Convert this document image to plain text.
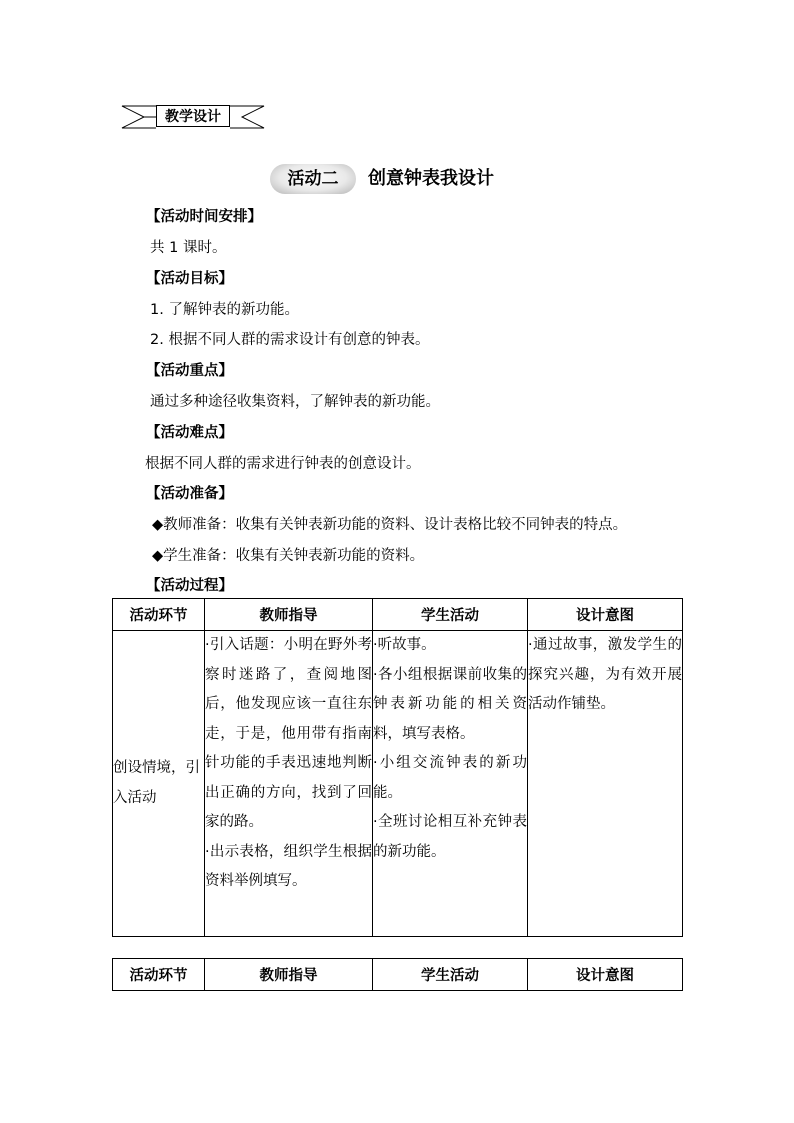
教学设计
活动二	创意钟表我设计
【活动时间安排】
共 1 课时。
【活动目标】
1. 了解钟表的新功能。
2. 根据不同人群的需求设计有创意的钟表。
【活动重点】
通过多种途径收集资料，了解钟表的新功能。
【活动难点】
根据不同人群的需求进行钟表的创意设计。
【活动准备】
◆教师准备：收集有关钟表新功能的资料、设计表格比较不同钟表的特点。
◆学生准备：收集有关钟表新功能的资料。
【活动过程】
活动环节	教师指导	学生活动	设计意图
创设情境，引入活动	·引入话题：小明在野外考察时迷路了，查阅地图后，他发现应该一直往东走，于是，他用带有指南针功能的手表迅速地判断出正确的方向，找到了回家的路。
·出示表格，组织学生根据资料举例填写。	·听故事。
·各小组根据课前收集的钟表新功能的相关资料，填写表格。
·小组交流钟表的新功能。
·全班讨论相互补充钟表的新功能。	·通过故事，激发学生的探究兴趣，为有效开展活动作铺垫。
活动环节	教师指导	学生活动	设计意图
